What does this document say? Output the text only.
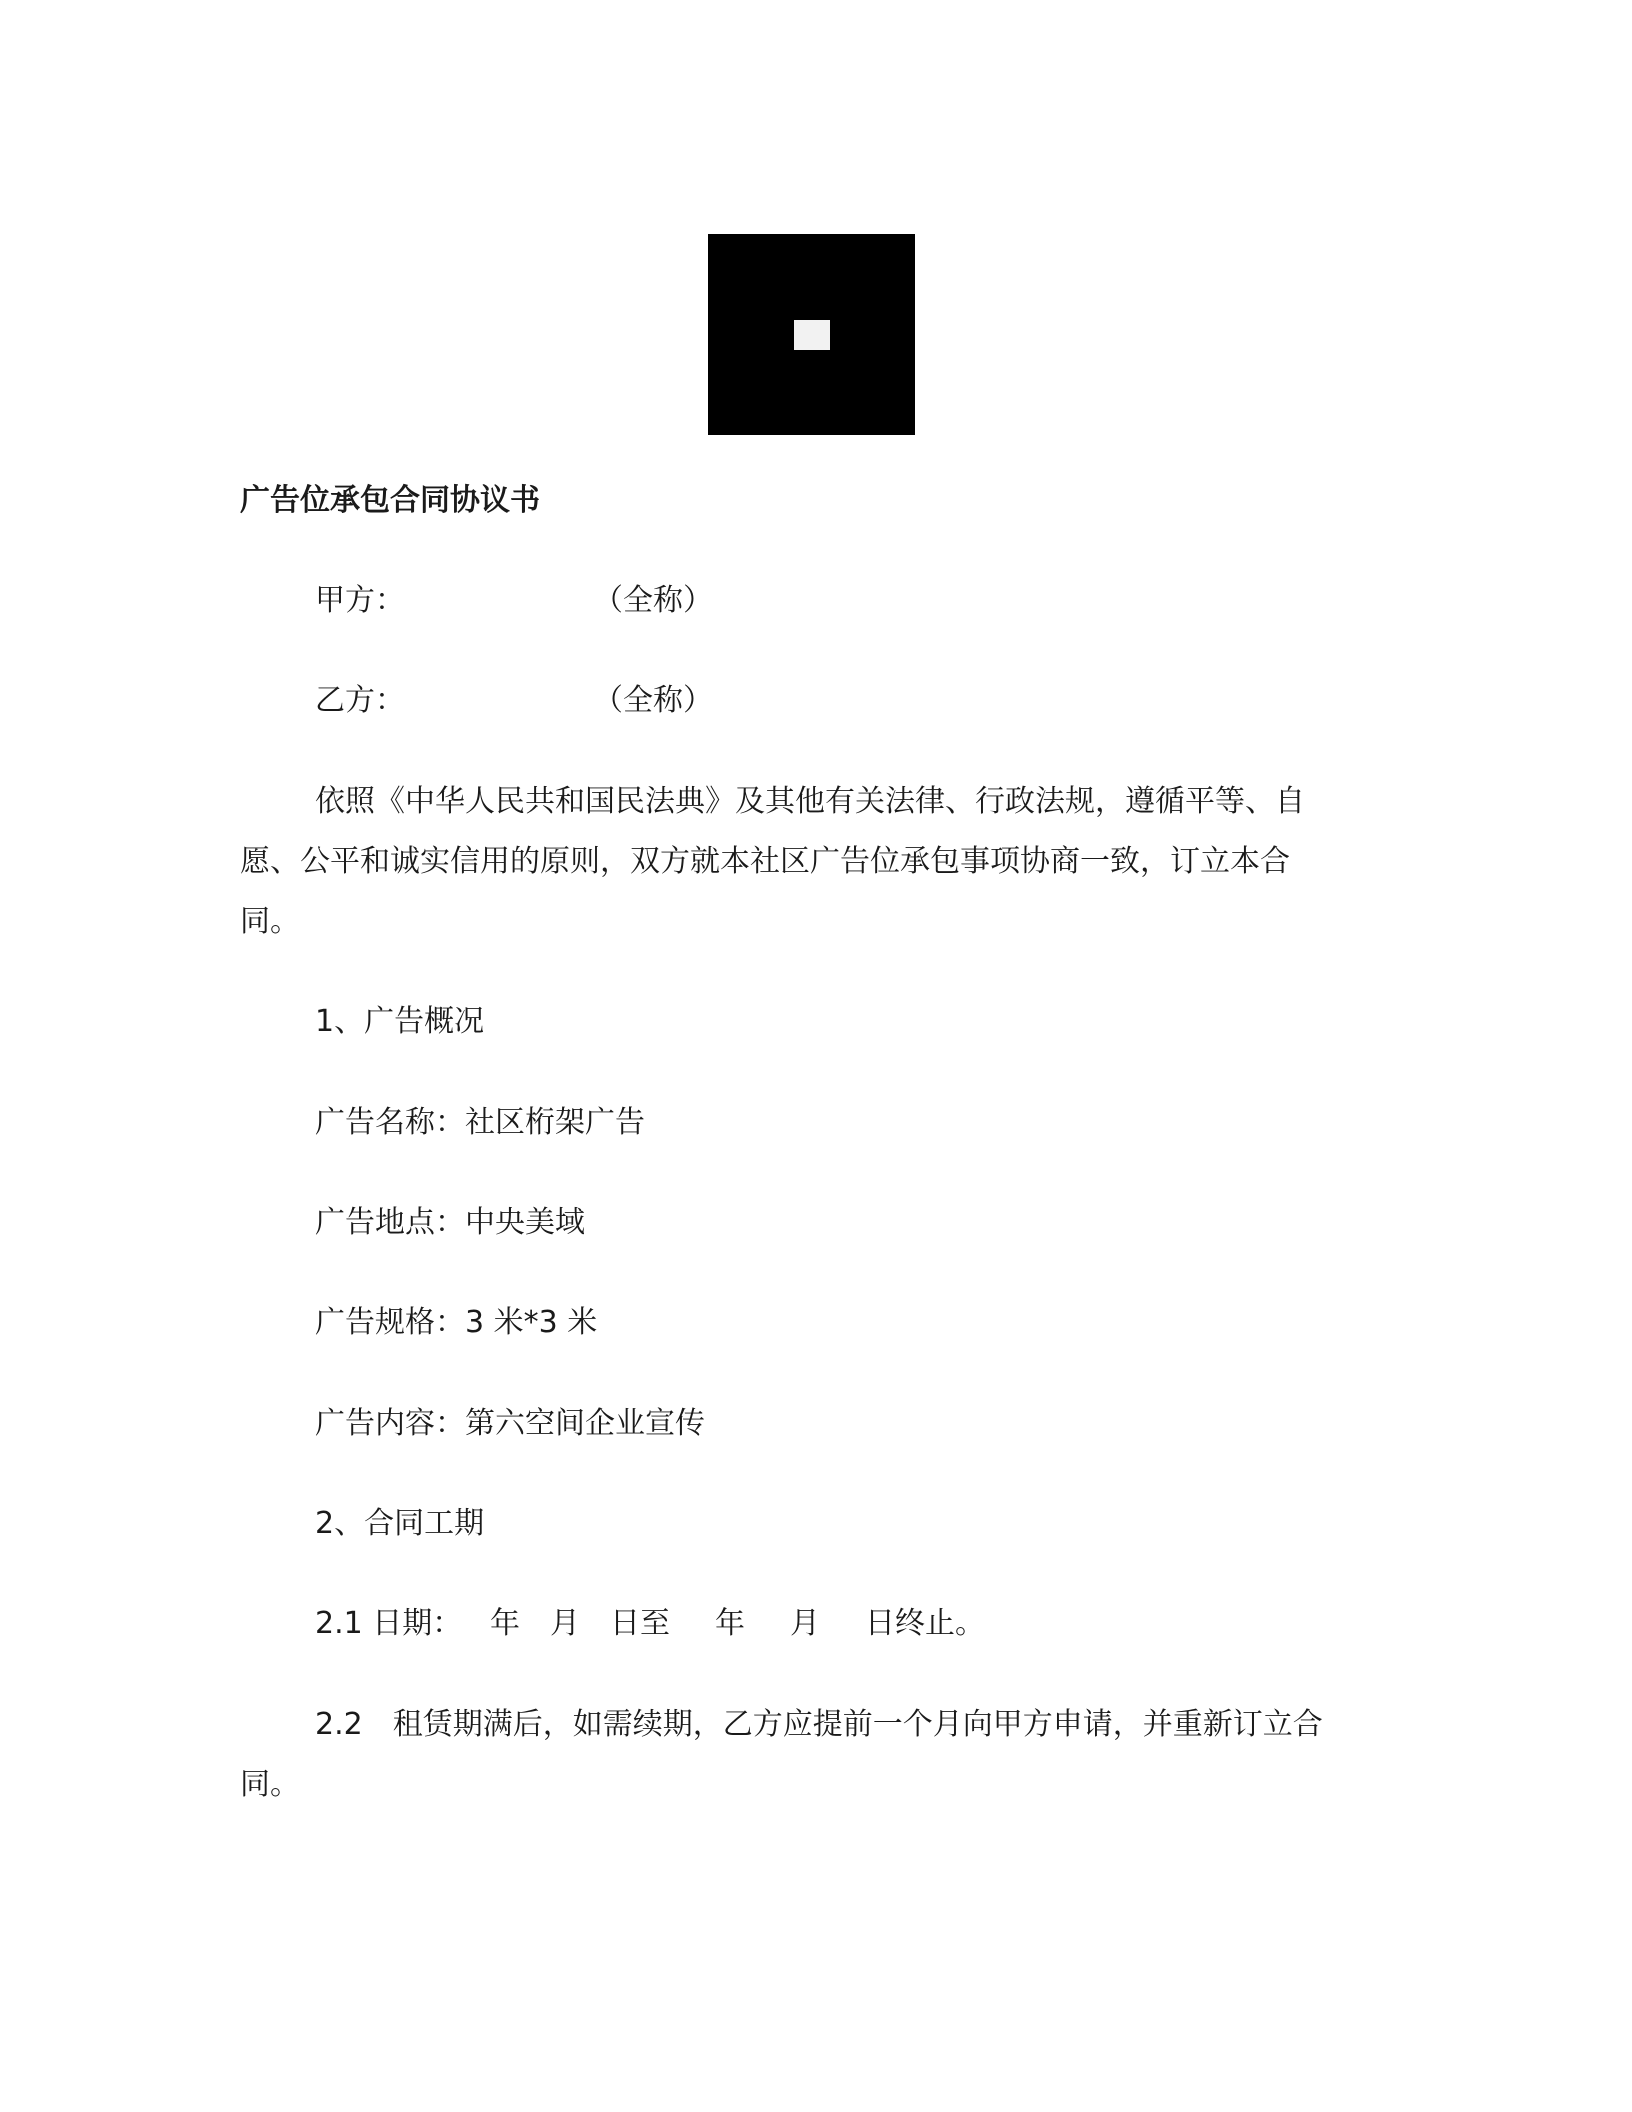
广告位承包合同协议书
甲方：	（全称）
乙方：	（全称）
依照《中华人民共和国民法典》及其他有关法律、行政法规，遵循平等、自
愿、公平和诚实信用的原则，双方就本社区广告位承包事项协商一致，订立本合
同。
1、广告概况
广告名称：社区桁架广告
广告地点：中央美域
广告规格：3 米*3 米
广告内容：第六空间企业宣传
2、合同工期
2.1 日期： 年 月 日至 年 月 日终止。
2.2　租赁期满后，如需续期，乙方应提前一个月向甲方申请，并重新订立合
同。
